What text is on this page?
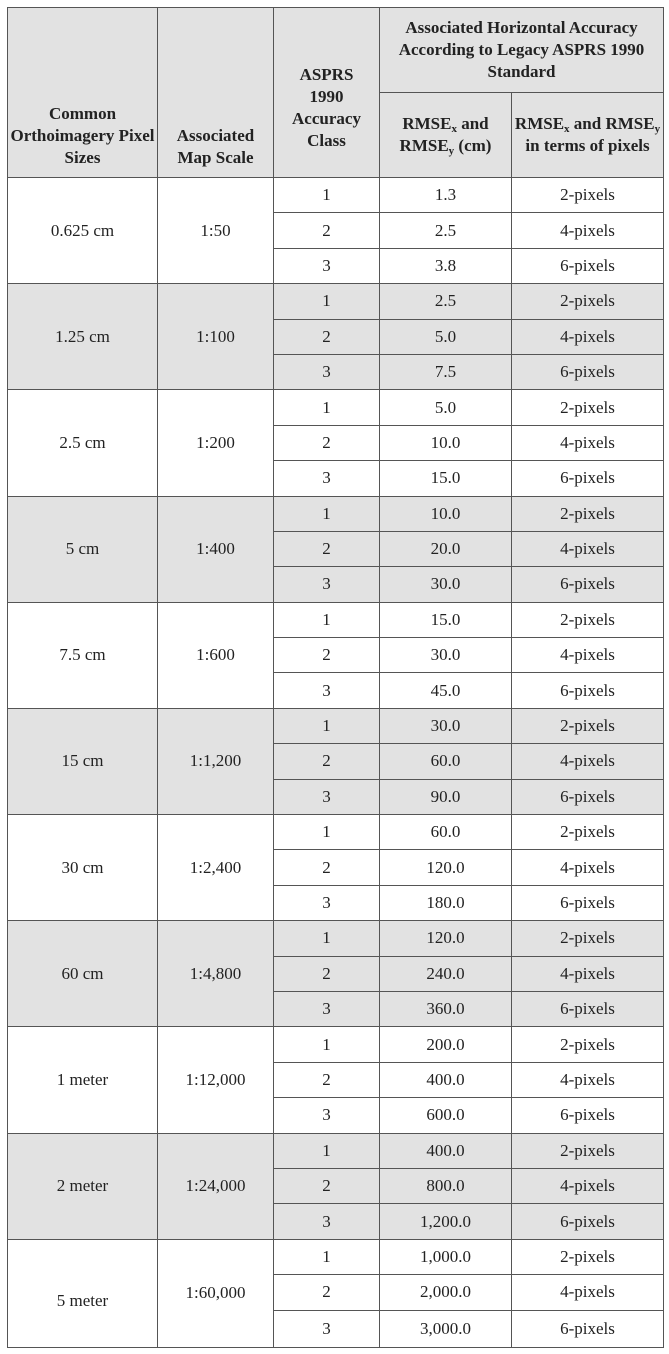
Common Orthoimagery Pixel Sizes	Associated Map Scale	ASPRS
1990
Accuracy
Class	Associated Horizontal Accuracy According to Legacy ASPRS 1990 Standard	
			$RMSE_x$ and $RMSE_y$ (cm)	$RMSE_x$ and $RMSE_y$ in terms of pixels
0.625 cm	1:50	1	1.3	2-pixels
		2	2.5	4-pixels
		3	3.8	6-pixels
1.25 cm	1:100	1	2.5	2-pixels
		2	5.0	4-pixels
		3	7.5	6-pixels
2.5 cm	1:200	1	5.0	2-pixels
		2	10.0	4-pixels
		3	15.0	6-pixels
5 cm	1:400	1	10.0	2-pixels
		2	20.0	4-pixels
		3	30.0	6-pixels
7.5 cm	1:600	1	15.0	2-pixels
		2	30.0	4-pixels
		3	45.0	6-pixels
15 cm	1:1,200	1	30.0	2-pixels
		2	60.0	4-pixels
		3	90.0	6-pixels
30 cm	1:2,400	1	60.0	2-pixels
		2	120.0	4-pixels
		3	180.0	6-pixels
60 cm	1:4,800	1	120.0	2-pixels
		2	240.0	4-pixels
		3	360.0	6-pixels
1 meter	1:12,000	1	200.0	2-pixels
		2	400.0	4-pixels
		3	600.0	6-pixels
2 meter	1:24,000	1	400.0	2-pixels
		2	800.0	4-pixels
		3	1,200.0	6-pixels
5 meter	1:60,000	1	1,000.0	2-pixels
		2	2,000.0	4-pixels
		3	3,000.0	6-pixels
